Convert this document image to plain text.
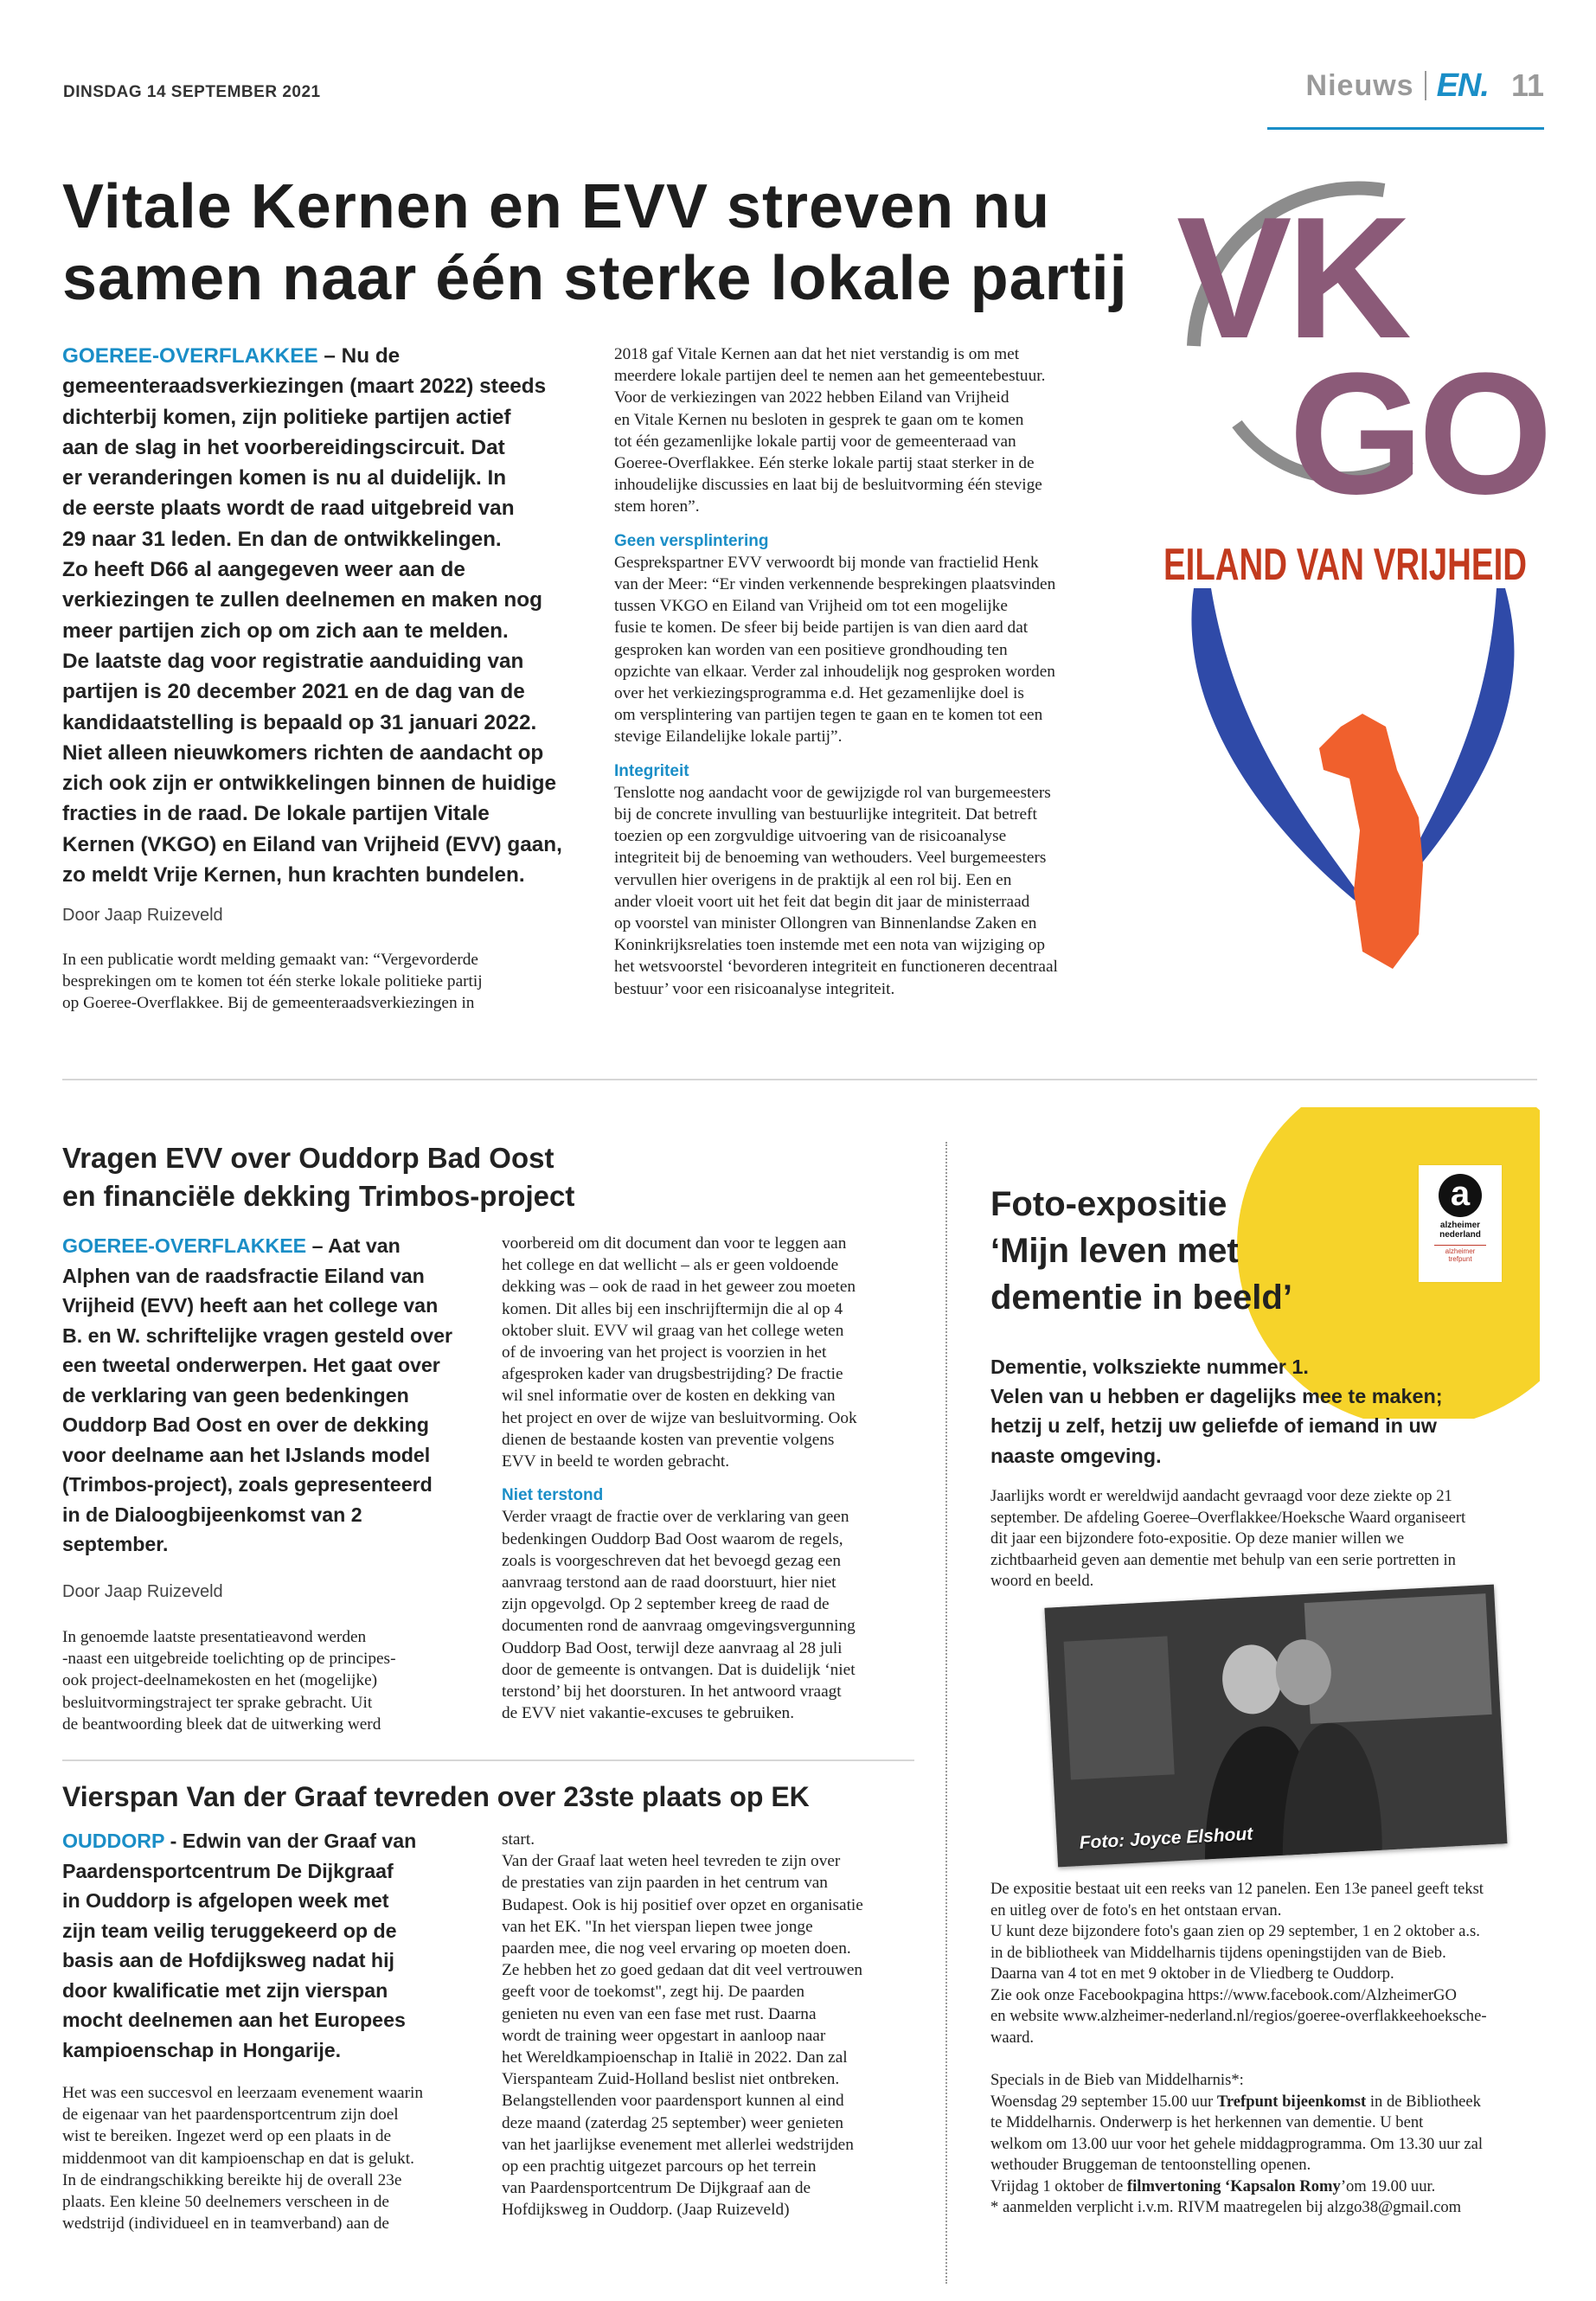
DINSDAG 14 SEPTEMBER 2021	Nieuws EN. 11
Vitale Kernen en EVV streven nu
samen naar één sterke lokale partij
GOEREE-OVERFLAKKEE – Nu de
gemeenteraadsverkiezingen (maart 2022) steeds
dichterbij komen, zijn politieke partijen actief
aan de slag in het voorbereidingscircuit. Dat
er veranderingen komen is nu al duidelijk. In
de eerste plaats wordt de raad uitgebreid van
29 naar 31 leden. En dan de ontwikkelingen.
Zo heeft D66 al aangegeven weer aan de
verkiezingen te zullen deelnemen en maken nog
meer partijen zich op om zich aan te melden.
De laatste dag voor registratie aanduiding van
partijen is 20 december 2021 en de dag van de
kandidaatstelling is bepaald op 31 januari 2022.
Niet alleen nieuwkomers richten de aandacht op
zich ook zijn er ontwikkelingen binnen de huidige
fracties in de raad. De lokale partijen Vitale
Kernen (VKGO) en Eiland van Vrijheid (EVV) gaan,
zo meldt Vrije Kernen, hun krachten bundelen.
Door Jaap Ruizeveld
In een publicatie wordt melding gemaakt van: “Vergevorderde
besprekingen om te komen tot één sterke lokale politieke partij
op Goeree-Overflakkee. Bij de gemeenteraadsverkiezingen in
2018 gaf Vitale Kernen aan dat het niet verstandig is om met
meerdere lokale partijen deel te nemen aan het gemeentebestuur.
Voor de verkiezingen van 2022 hebben Eiland van Vrijheid
en Vitale Kernen nu besloten in gesprek te gaan om te komen
tot één gezamenlijke lokale partij voor de gemeenteraad van
Goeree-Overflakkee. Eén sterke lokale partij staat sterker in de
inhoudelijke discussies en laat bij de besluitvorming één stevige
stem horen”.
Geen versplintering
Gesprekspartner EVV verwoordt bij monde van fractielid Henk
van der Meer: “Er vinden verkennende besprekingen plaatsvinden
tussen VKGO en Eiland van Vrijheid om tot een mogelijke
fusie te komen. De sfeer bij beide partijen is van dien aard dat
gesproken kan worden van een positieve grondhouding ten
opzichte van elkaar. Verder zal inhoudelijk nog gesproken worden
over het verkiezingsprogramma e.d. Het gezamenlijke doel is
om versplintering van partijen tegen te gaan en te komen tot een
stevige Eilandelijke lokale partij”.
Integriteit
Tenslotte nog aandacht voor de gewijzigde rol van burgemeesters
bij de concrete invulling van bestuurlijke integriteit. Dat betreft
toezien op een zorgvuldige uitvoering van de risicoanalyse
integriteit bij de benoeming van wethouders. Veel burgemeesters
vervullen hier overigens in de praktijk al een rol bij. Een en
ander vloeit voort uit het feit dat begin dit jaar de ministerraad
op voorstel van minister Ollongren van Binnenlandse Zaken en
Koninkrijksrelaties toen instemde met een nota van wijziging op
het wetsvoorstel ‘bevorderen integriteit en functioneren decentraal
bestuur’ voor een risicoanalyse integriteit.
VK
GO
EILAND VAN VRIJHEID
Vragen EVV over Ouddorp Bad Oost
en financiële dekking Trimbos-project
GOEREE-OVERFLAKKEE – Aat van
Alphen van de raadsfractie Eiland van
Vrijheid (EVV) heeft aan het college van
B. en W. schriftelijke vragen gesteld over
een tweetal onderwerpen. Het gaat over
de verklaring van geen bedenkingen
Ouddorp Bad Oost en over de dekking
voor deelname aan het IJslands model
(Trimbos-project), zoals gepresenteerd
in de Dialoogbijeenkomst van 2
september.
Door Jaap Ruizeveld
In genoemde laatste presentatieavond werden
-naast een uitgebreide toelichting op de principes-
ook project-deelnamekosten en het (mogelijke)
besluitvormingstraject ter sprake gebracht. Uit
de beantwoording bleek dat de uitwerking werd
voorbereid om dit document dan voor te leggen aan
het college en dat wellicht – als er geen voldoende
dekking was – ook de raad in het geweer zou moeten
komen. Dit alles bij een inschrijftermijn die al op 4
oktober sluit. EVV wil graag van het college weten
of de invoering van het project is voorzien in het
afgesproken kader van drugsbestrijding? De fractie
wil snel informatie over de kosten en dekking van
het project en over de wijze van besluitvorming. Ook
dienen de bestaande kosten van preventie volgens
EVV in beeld te worden gebracht.
Niet terstond
Verder vraagt de fractie over de verklaring van geen
bedenkingen Ouddorp Bad Oost waarom de regels,
zoals is voorgeschreven dat het bevoegd gezag een
aanvraag terstond aan de raad doorstuurt, hier niet
zijn opgevolgd. Op 2 september kreeg de raad de
documenten rond de aanvraag omgevingsvergunning
Ouddorp Bad Oost, terwijl deze aanvraag al 28 juli
door de gemeente is ontvangen. Dat is duidelijk ‘niet
terstond’ bij het doorsturen. In het antwoord vraagt
de EVV niet vakantie-excuses te gebruiken.
Vierspan Van der Graaf tevreden over 23ste plaats op EK
OUDDORP - Edwin van der Graaf van
Paardensportcentrum De Dijkgraaf
in Ouddorp is afgelopen week met
zijn team veilig teruggekeerd op de
basis aan de Hofdijksweg nadat hij
door kwalificatie met zijn vierspan
mocht deelnemen aan het Europees
kampioenschap in Hongarije.
Het was een succesvol en leerzaam evenement waarin
de eigenaar van het paardensportcentrum zijn doel
wist te bereiken. Ingezet werd op een plaats in de
middenmoot van dit kampioenschap en dat is gelukt.
In de eindrangschikking bereikte hij de overall 23e
plaats. Een kleine 50 deelnemers verscheen in de
wedstrijd (individueel en in teamverband) aan de
start.
Van der Graaf laat weten heel tevreden te zijn over
de prestaties van zijn paarden in het centrum van
Budapest. Ook is hij positief over opzet en organisatie
van het EK. "In het vierspan liepen twee jonge
paarden mee, die nog veel ervaring op moeten doen.
Ze hebben het zo goed gedaan dat dit veel vertrouwen
geeft voor de toekomst", zegt hij. De paarden
genieten nu even van een fase met rust. Daarna
wordt de training weer opgestart in aanloop naar
het Wereldkampioenschap in Italië in 2022. Dan zal
Vierspanteam Zuid-Holland beslist niet ontbreken.
Belangstellenden voor paardensport kunnen al eind
deze maand (zaterdag 25 september) weer genieten
van het jaarlijkse evenement met allerlei wedstrijden
op een prachtig uitgezet parcours op het terrein
van Paardensportcentrum De Dijkgraaf aan de
Hofdijksweg in Ouddorp. (Jaap Ruizeveld)
a
alzheimer
nederland
alzheimer
trefpunt
Foto-expositie
‘Mijn leven met
dementie in beeld’
Dementie, volksziekte nummer 1.
Velen van u hebben er dagelijks mee te maken;
hetzij u zelf, hetzij uw geliefde of iemand in uw
naaste omgeving.
Jaarlijks wordt er wereldwijd aandacht gevraagd voor deze ziekte op 21
september. De afdeling Goeree–Overflakkee/Hoeksche Waard organiseert
dit jaar een bijzondere foto-expositie. Op deze manier willen we
zichtbaarheid geven aan dementie met behulp van een serie portretten in
woord en beeld.
Foto: Joyce Elshout
De expositie bestaat uit een reeks van 12 panelen. Een 13e paneel geeft tekst
en uitleg over de foto's en het ontstaan ervan.
U kunt deze bijzondere foto's gaan zien op 29 september, 1 en 2 oktober a.s.
in de bibliotheek van Middelharnis tijdens openingstijden van de Bieb.
Daarna van 4 tot en met 9 oktober in de Vliedberg te Ouddorp.
Zie ook onze Facebookpagina https://www.facebook.com/AlzheimerGO
en website www.alzheimer-nederland.nl/regios/goeree-overflakkeehoeksche-
waard.
Specials in de Bieb van Middelharnis*:
Woensdag 29 september 15.00 uur Trefpunt bijeenkomst in de Bibliotheek
te Middelharnis. Onderwerp is het herkennen van dementie. U bent
welkom om 13.00 uur voor het gehele middagprogramma. Om 13.30 uur zal
wethouder Bruggeman de tentoonstelling openen.
Vrijdag 1 oktober de filmvertoning ‘Kapsalon Romy’om 19.00 uur.
* aanmelden verplicht i.v.m. RIVM maatregelen bij alzgo38@gmail.com
